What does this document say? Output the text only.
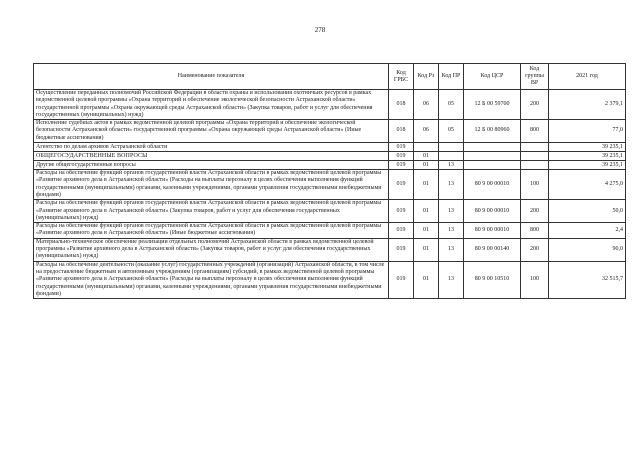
278
Наименование показателя	Код ГРБС	Код Рз	Код ПР	Код ЦСР	Код группы ВР	2021 год
Осуществление переданных полномочий Российской Федерации в области охраны и использования охотничьих ресурсов в рамках ведомственной целевой программы «Охрана территорий и обеспечение экологической безопасности Астраханской области» государственной программы «Охрана окружающей среды Астраханской области» (Закупка товаров, работ и услуг для обеспечения государственных (муниципальных) нужд)	018	06	05	12 Б 00 59700	200	2 379,1
Исполнение судебных актов в рамках ведомственной целевой программы «Охрана территорий и обеспечение экологической безопасности Астраханской области» государственной программы «Охрана окружающей среды Астраханской области» (Иные бюджетные ассигнования)	018	06	05	12 Б 00 80960	800	77,0
Агентство по делам архивов Астраханской области	019					39 235,1
ОБЩЕГОСУДАРСТВЕННЫЕ ВОПРОСЫ	019	01				39 235,1
Другие общегосударственные вопросы	019	01	13			39 235,1
Расходы на обеспечение функций органов государственной власти Астраханской области в рамках ведомственной целевой программы «Развитие архивного дела в Астраханской области» (Расходы на выплаты персоналу в целях обеспечения выполнения функций государственными (муниципальными) органами, казенными учреждениями, органами управления государственными внебюджетными фондами)	019	01	13	80 9 00 00010	100	4 275,0
Расходы на обеспечение функций органов государственной власти Астраханской области в рамках ведомственной целевой программы «Развитие архивного дела в Астраханской области» (Закупка товаров, работ и услуг для обеспечения государственных (муниципальных) нужд)	019	01	13	80 9 00 00010	200	50,0
Расходы на обеспечение функций органов государственной власти Астраханской области в рамках ведомственной целевой программы «Развитие архивного дела в Астраханской области» (Иные бюджетные ассигнования)	019	01	13	80 9 00 00010	800	2,4
Материально-техническое обеспечение реализации отдельных полномочий Астраханской области в рамках ведомственной целевой программы «Развитие архивного дела в Астраханской области» (Закупка товаров, работ и услуг для обеспечения государственных (муниципальных) нужд)	019	01	13	80 9 00 00140	200	90,0
Расходы на обеспечение деятельности (оказание услуг) государственных учреждений (организаций) Астраханской области, в том числе на предоставление бюджетным и автономным учреждениям (организациям) субсидий, в рамках ведомственной целевой программы «Развитие архивного дела в Астраханской области» (Расходы на выплаты персоналу в целях обеспечения выполнения функций государственными (муниципальными) органами, казенными учреждениями, органами управления государственными внебюджетными фондами)	019	01	13	80 9 00 10510	100	32 515,7
